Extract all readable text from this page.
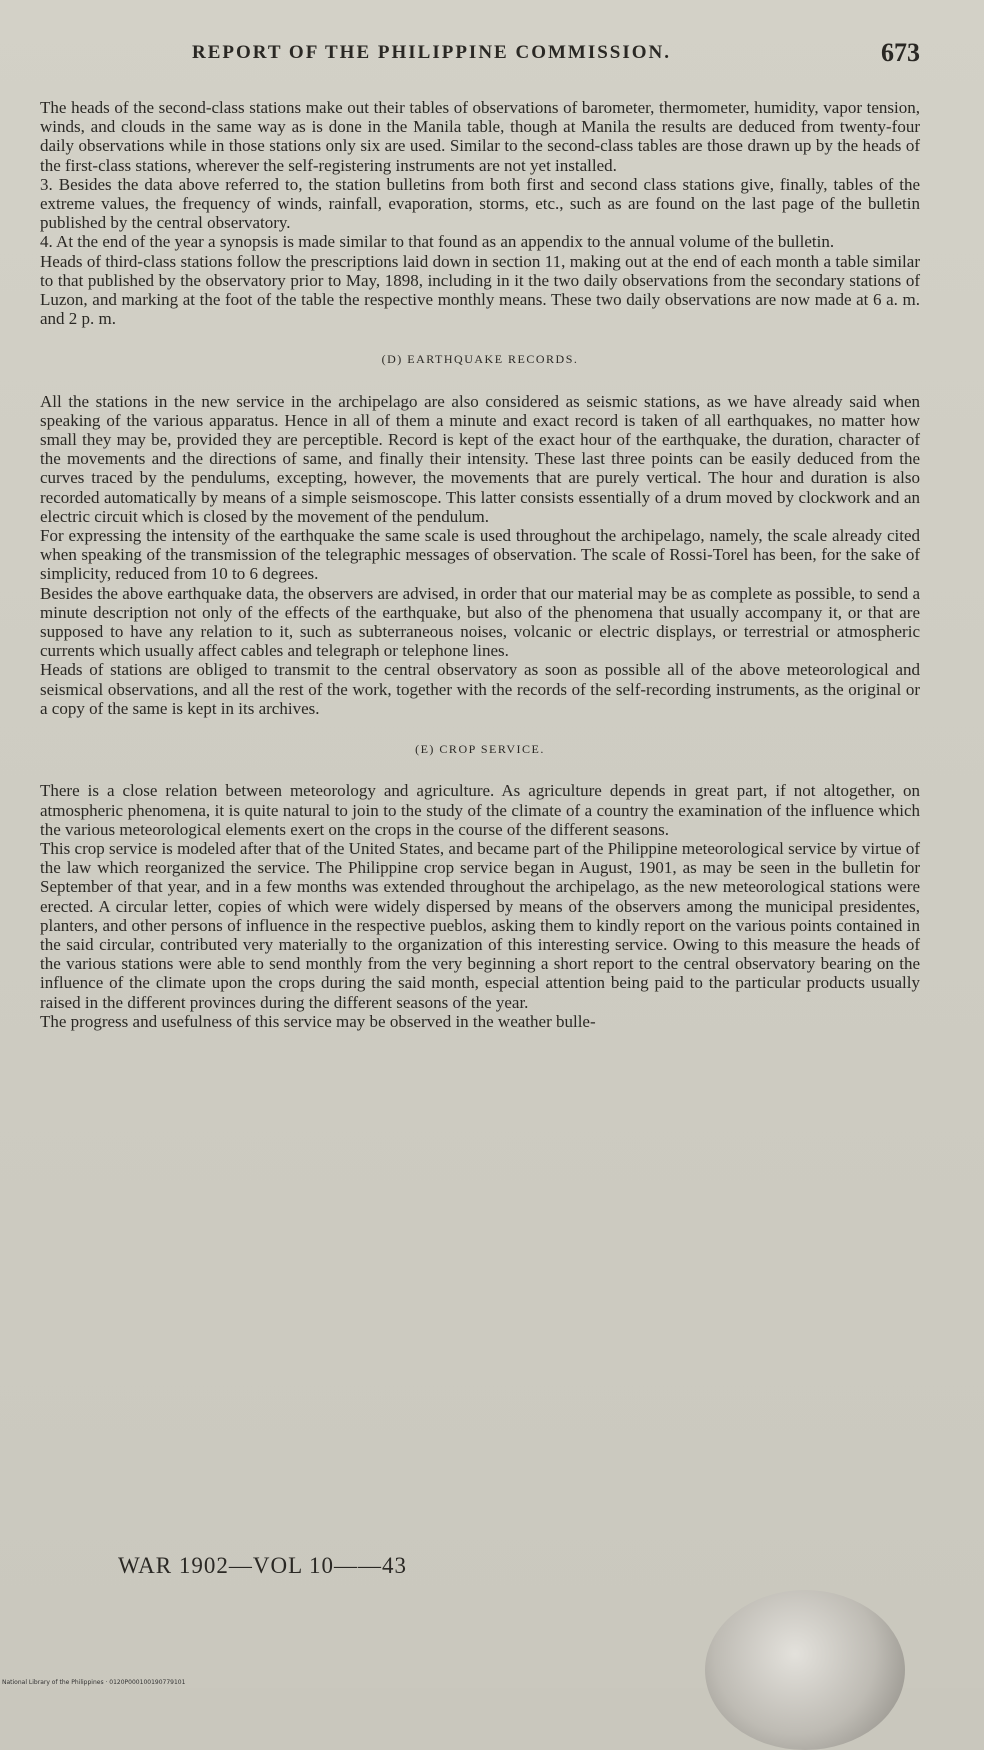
REPORT OF THE PHILIPPINE COMMISSION.	673

The heads of the second-class stations make out their tables of observations of barometer, thermometer, humidity, vapor tension, winds, and clouds in the same way as is done in the Manila table, though at Manila the results are deduced from twenty-four daily observations while in those stations only six are used. Similar to the second-class tables are those drawn up by the heads of the first-class stations, wherever the self-registering instruments are not yet installed.

3. Besides the data above referred to, the station bulletins from both first and second class stations give, finally, tables of the extreme values, the frequency of winds, rainfall, evaporation, storms, etc., such as are found on the last page of the bulletin published by the central observatory.

4. At the end of the year a synopsis is made similar to that found as an appendix to the annual volume of the bulletin.

Heads of third-class stations follow the prescriptions laid down in section 11, making out at the end of each month a table similar to that published by the observatory prior to May, 1898, including in it the two daily observations from the secondary stations of Luzon, and marking at the foot of the table the respective monthly means. These two daily observations are now made at 6 a. m. and 2 p. m.

(D) EARTHQUAKE RECORDS.

All the stations in the new service in the archipelago are also considered as seismic stations, as we have already said when speaking of the various apparatus. Hence in all of them a minute and exact record is taken of all earthquakes, no matter how small they may be, provided they are perceptible. Record is kept of the exact hour of the earthquake, the duration, character of the movements and the directions of same, and finally their intensity. These last three points can be easily deduced from the curves traced by the pendulums, excepting, however, the movements that are purely vertical. The hour and duration is also recorded automatically by means of a simple seismoscope. This latter consists essentially of a drum moved by clockwork and an electric circuit which is closed by the movement of the pendulum.

For expressing the intensity of the earthquake the same scale is used throughout the archipelago, namely, the scale already cited when speaking of the transmission of the telegraphic messages of observation. The scale of Rossi-Torel has been, for the sake of simplicity, reduced from 10 to 6 degrees.

Besides the above earthquake data, the observers are advised, in order that our material may be as complete as possible, to send a minute description not only of the effects of the earthquake, but also of the phenomena that usually accompany it, or that are supposed to have any relation to it, such as subterraneous noises, volcanic or electric displays, or terrestrial or atmospheric currents which usually affect cables and telegraph or telephone lines.

Heads of stations are obliged to transmit to the central observatory as soon as possible all of the above meteorological and seismical observations, and all the rest of the work, together with the records of the self-recording instruments, as the original or a copy of the same is kept in its archives.

(E) CROP SERVICE.

There is a close relation between meteorology and agriculture. As agriculture depends in great part, if not altogether, on atmospheric phenomena, it is quite natural to join to the study of the climate of a country the examination of the influence which the various meteorological elements exert on the crops in the course of the different seasons.

This crop service is modeled after that of the United States, and became part of the Philippine meteorological service by virtue of the law which reorganized the service. The Philippine crop service began in August, 1901, as may be seen in the bulletin for September of that year, and in a few months was extended throughout the archipelago, as the new meteorological stations were erected. A circular letter, copies of which were widely dispersed by means of the observers among the municipal presidentes, planters, and other persons of influence in the respective pueblos, asking them to kindly report on the various points contained in the said circular, contributed very materially to the organization of this interesting service. Owing to this measure the heads of the various stations were able to send monthly from the very beginning a short report to the central observatory bearing on the influence of the climate upon the crops during the said month, especial attention being paid to the particular products usually raised in the different provinces during the different seasons of the year.

The progress and usefulness of this service may be observed in the weather bulle-

WAR 1902—VOL 10——43
National Library of the Philippines · 0120P000100190779101
